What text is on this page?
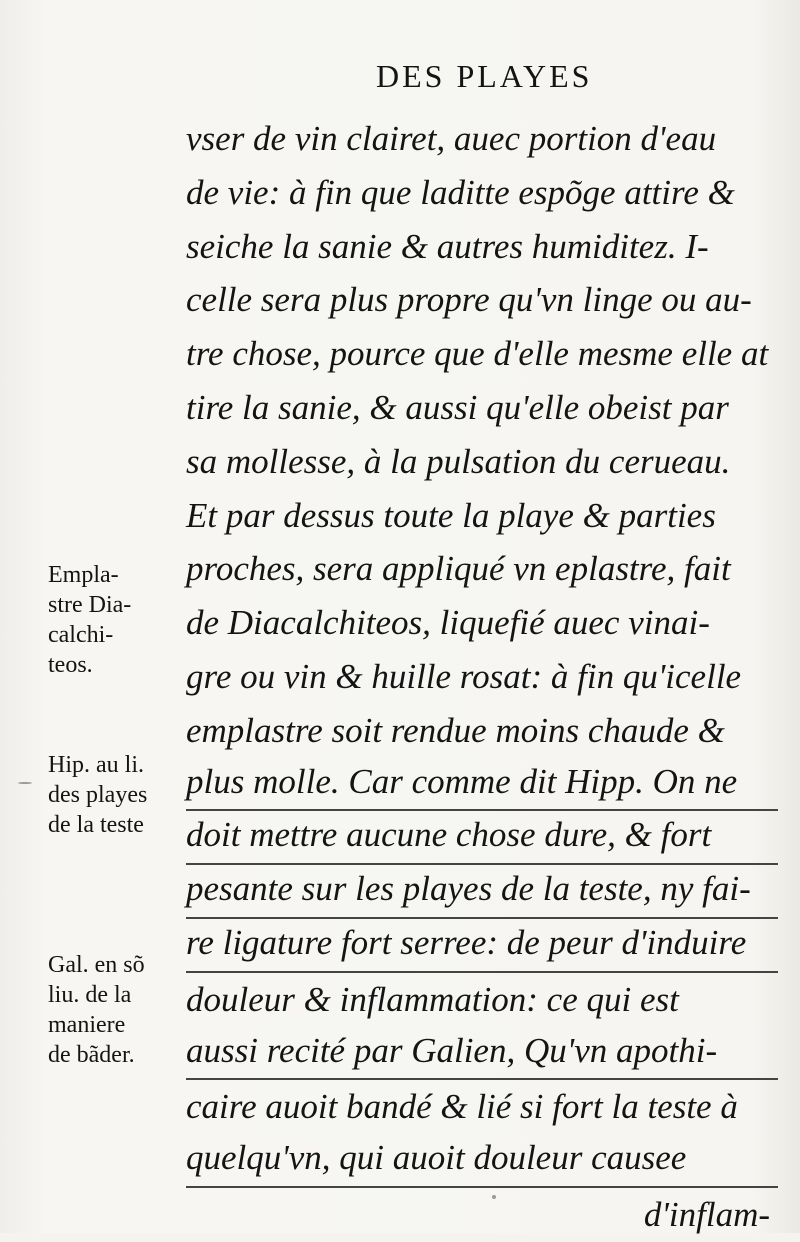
DES PLAYES
vser de vin clairet, auec portion d'eau
de vie: à fin que laditte espõge attire &
seiche la sanie & autres humiditez. I-
celle sera plus propre qu'vn linge ou au-
tre chose, pource que d'elle mesme elle at
tire la sanie, & aussi qu'elle obeist par
sa mollesse, à la pulsation du cerueau.
Et par dessus toute la playe & parties
proches, sera appliqué vn eplastre, fait
de Diacalchiteos, liquefié auec vinai-
gre ou vin & huille rosat: à fin qu'icelle
emplastre soit rendue moins chaude &
plus molle. Car comme dit Hipp. On ne
doit mettre aucune chose dure, & fort
pesante sur les playes de la teste, ny fai-
re ligature fort serree: de peur d'induire
douleur & inflammation: ce qui est
aussi recité par Galien, Qu'vn apothi-
caire auoit bandé & lié si fort la teste à
quelqu'vn, qui auoit douleur causee
d'inflam-
Empla-
stre Dia-
calchi-
teos.
Hip. au li.
des playes
de la teste
Gal. en sõ
liu. de la
maniere
de bãder.
